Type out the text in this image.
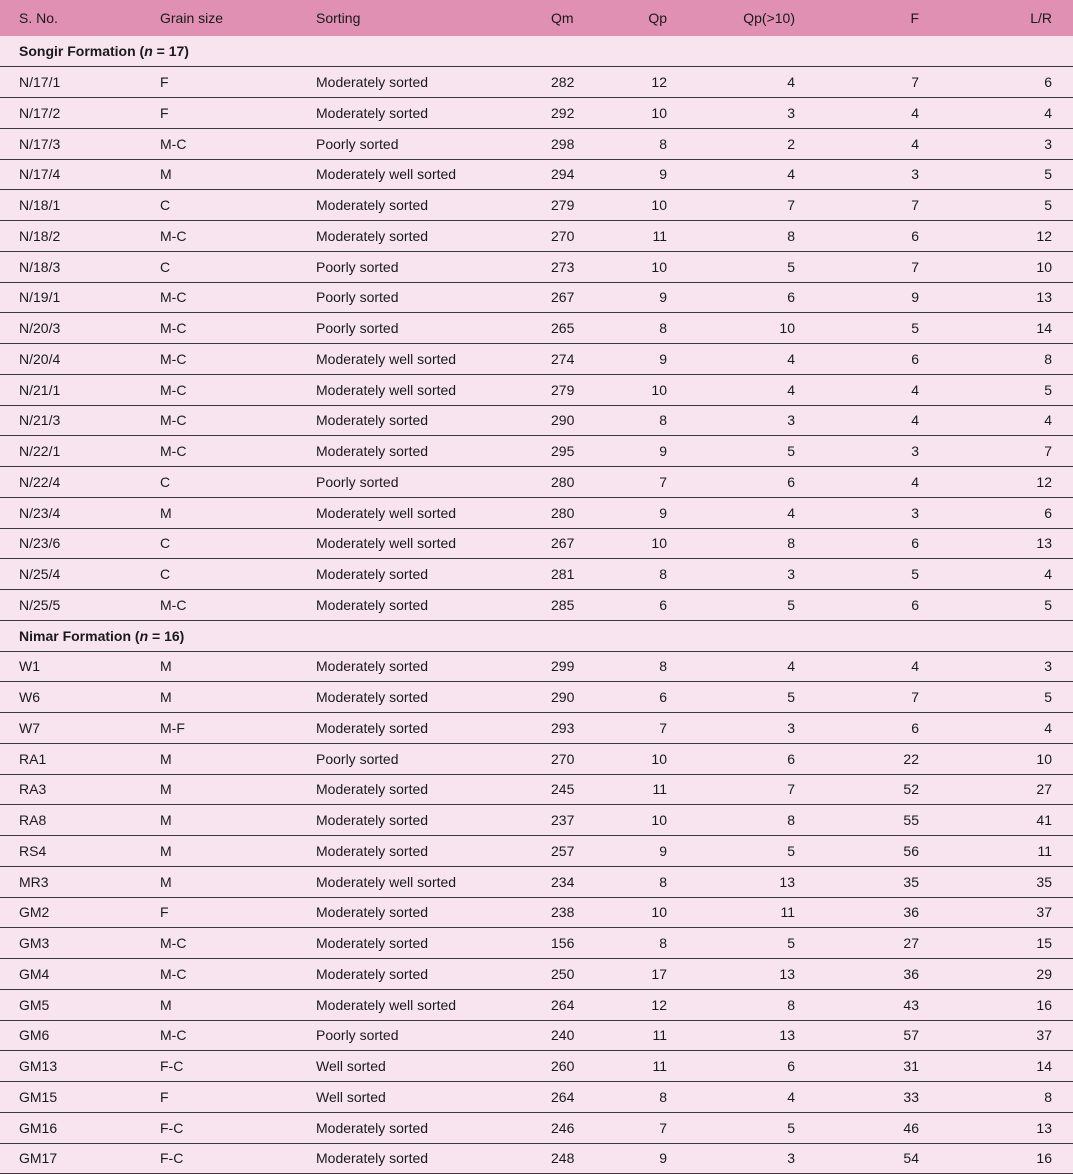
S. No.	Grain size	Sorting	Qm	Qp	Qp(>10)	F	L/R
Songir Formation (n = 17)							
N/17/1	F	Moderately sorted	282	12	4	7	6
N/17/2	F	Moderately sorted	292	10	3	4	4
N/17/3	M-C	Poorly sorted	298	8	2	4	3
N/17/4	M	Moderately well sorted	294	9	4	3	5
N/18/1	C	Moderately sorted	279	10	7	7	5
N/18/2	M-C	Moderately sorted	270	11	8	6	12
N/18/3	C	Poorly sorted	273	10	5	7	10
N/19/1	M-C	Poorly sorted	267	9	6	9	13
N/20/3	M-C	Poorly sorted	265	8	10	5	14
N/20/4	M-C	Moderately well sorted	274	9	4	6	8
N/21/1	M-C	Moderately well sorted	279	10	4	4	5
N/21/3	M-C	Moderately sorted	290	8	3	4	4
N/22/1	M-C	Moderately sorted	295	9	5	3	7
N/22/4	C	Poorly sorted	280	7	6	4	12
N/23/4	M	Moderately well sorted	280	9	4	3	6
N/23/6	C	Moderately well sorted	267	10	8	6	13
N/25/4	C	Moderately sorted	281	8	3	5	4
N/25/5	M-C	Moderately sorted	285	6	5	6	5
Nimar Formation (n = 16)							
W1	M	Moderately sorted	299	8	4	4	3
W6	M	Moderately sorted	290	6	5	7	5
W7	M-F	Moderately sorted	293	7	3	6	4
RA1	M	Poorly sorted	270	10	6	22	10
RA3	M	Moderately sorted	245	11	7	52	27
RA8	M	Moderately sorted	237	10	8	55	41
RS4	M	Moderately sorted	257	9	5	56	11
MR3	M	Moderately well sorted	234	8	13	35	35
GM2	F	Moderately sorted	238	10	11	36	37
GM3	M-C	Moderately sorted	156	8	5	27	15
GM4	M-C	Moderately sorted	250	17	13	36	29
GM5	M	Moderately well sorted	264	12	8	43	16
GM6	M-C	Poorly sorted	240	11	13	57	37
GM13	F-C	Well sorted	260	11	6	31	14
GM15	F	Well sorted	264	8	4	33	8
GM16	F-C	Moderately sorted	246	7	5	46	13
GM17	F-C	Moderately sorted	248	9	3	54	16
